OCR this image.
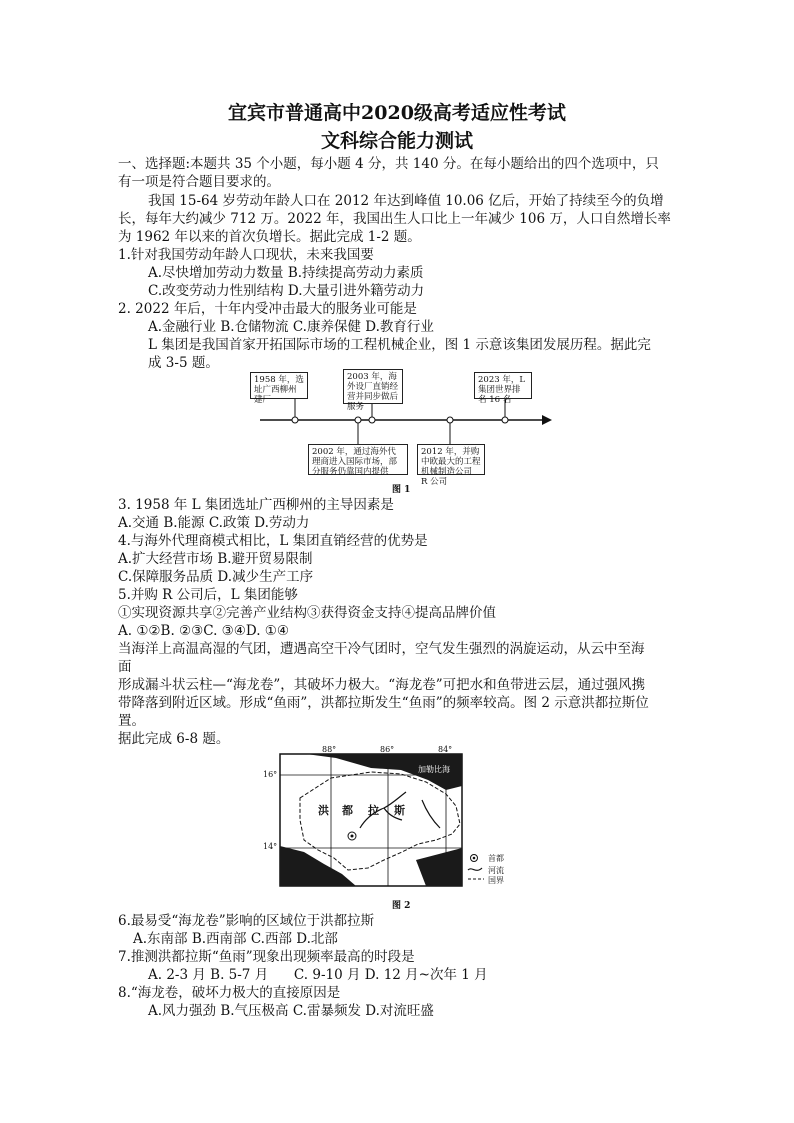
宜宾市普通高中2020级高考适应性考试
文科综合能力测试
一、选择题:本题共 35 个小题，每小题 4 分，共 140 分。在每小题给出的四个选项中，只
有一项是符合题目要求的。
我国 15-64 岁劳动年龄人口在 2012 年达到峰值 10.06 亿后，开始了持续至今的负增
长，每年大约减少 712 万。2022 年，我国出生人口比上一年减少 106 万，人口自然增长率
为 1962 年以来的首次负增长。据此完成 1-2 题。
1.针对我国劳动年龄人口现状，未来我国要
A.尽快增加劳动力数量 B.持续提高劳动力素质
C.改变劳动力性别结构 D.大量引进外籍劳动力
2. 2022 年后，十年内受冲击最大的服务业可能是
A.金融行业 B.仓储物流 C.康养保健 D.教育行业
L 集团是我国首家开拓国际市场的工程机械企业，图 1 示意该集团发展历程。据此完
成 3-5 题。
1958 年，选址广西柳州建厂
2003 年，海外设厂直销经营并同步做后服务
2023 年，L 集团世界排名 16 名
2002 年，通过海外代理商进入国际市场，部分服务仍靠国内提供
2012 年，并购中欧最大的工程机械制造公司 R 公司
图 1
3. 1958 年 L 集团选址广西柳州的主导因素是
A.交通 B.能源 C.政策 D.劳动力
4.与海外代理商模式相比，L 集团直销经营的优势是
A.扩大经营市场 B.避开贸易限制
C.保障服务品质 D.减少生产工序
5.并购 R 公司后，L 集团能够
①实现资源共享②完善产业结构③获得资金支持④提高品牌价值
A. ①②B. ②③C. ③④D. ①④
当海洋上高温高湿的气团，遭遇高空干冷气团时，空气发生强烈的涡旋运动，从云中至海
面
形成漏斗状云柱—“海龙卷”，其破坏力极大。“海龙卷”可把水和鱼带进云层，通过强风携
带降落到附近区域。形成“鱼雨”，洪都拉斯发生“鱼雨”的频率较高。图 2 示意洪都拉斯位
置。
据此完成 6-8 题。
88°	86°	84°
16°
14°
加勒比海
洪 都 拉 斯
首都
河流
国界
图 2
6.最易受“海龙卷”影响的区域位于洪都拉斯
A.东南部 B.西南部 C.西部 D.北部
7.推测洪都拉斯“鱼雨”现象出现频率最高的时段是
A. 2-3 月 B. 5-7 月      C. 9-10 月 D. 12 月~次年 1 月
8.“海龙卷，破坏力极大的直接原因是
A.风力强劲 B.气压极高 C.雷暴频发 D.对流旺盛
